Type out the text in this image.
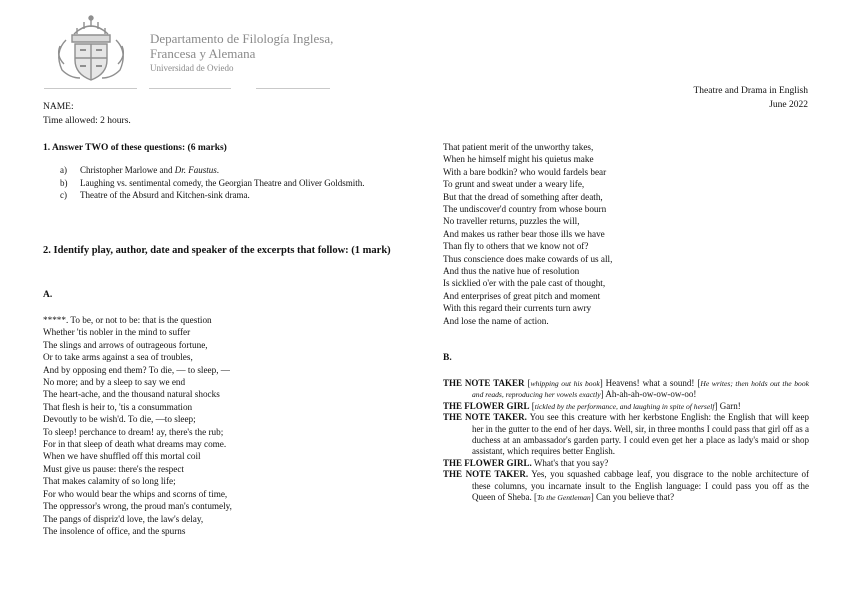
Departamento de Filología Inglesa,
Francesa y Alemana
Universidad de Oviedo
Theatre and Drama in English
June 2022
NAME:
Time allowed: 2 hours.
1. Answer TWO of these questions: (6 marks)
a)	Christopher Marlowe and Dr. Faustus.
b)	Laughing vs. sentimental comedy, the Georgian Theatre and Oliver Goldsmith.
c)	Theatre of the Absurd and Kitchen-sink drama.
2. Identify play, author, date and speaker of the excerpts that follow: (1 mark)
A.
*****. To be, or not to be: that is the question
Whether 'tis nobler in the mind to suffer
The slings and arrows of outrageous fortune,
Or to take arms against a sea of troubles,
And by opposing end them? To die, — to sleep, —
No more; and by a sleep to say we end
The heart-ache, and the thousand natural shocks
That flesh is heir to, 'tis a consummation
Devoutly to be wish'd. To die, —to sleep;
To sleep! perchance to dream! ay, there's the rub;
For in that sleep of death what dreams may come.
When we have shuffled off this mortal coil
Must give us pause: there's the respect
That makes calamity of so long life;
For who would bear the whips and scorns of time,
The oppressor's wrong, the proud man's contumely,
The pangs of dispriz'd love, the law's delay,
The insolence of office, and the spurns
That patient merit of the unworthy takes,
When he himself might his quietus make
With a bare bodkin? who would fardels bear
To grunt and sweat under a weary life,
But that the dread of something after death,
The undiscover'd country from whose bourn
No traveller returns, puzzles the will,
And makes us rather bear those ills we have
Than fly to others that we know not of?
Thus conscience does make cowards of us all,
And thus the native hue of resolution
Is sicklied o'er with the pale cast of thought,
And enterprises of great pitch and moment
With this regard their currents turn awry
And lose the name of action.
B.
THE NOTE TAKER [whipping out his book] Heavens! what a sound! [He writes; then holds out the book and reads, reproducing her vowels exactly] Ah-ah-ah-ow-ow-ow-oo!
THE FLOWER GIRL [tickled by the performance, and laughing in spite of herself] Garn!
THE NOTE TAKER. You see this creature with her kerbstone English: the English that will keep her in the gutter to the end of her days. Well, sir, in three months I could pass that girl off as a duchess at an ambassador's garden party. I could even get her a place as lady's maid or shop assistant, which requires better English.
THE FLOWER GIRL. What's that you say?
THE NOTE TAKER. Yes, you squashed cabbage leaf, you disgrace to the noble architecture of these columns, you incarnate insult to the English language: I could pass you off as the Queen of Sheba. [To the Gentleman] Can you believe that?
